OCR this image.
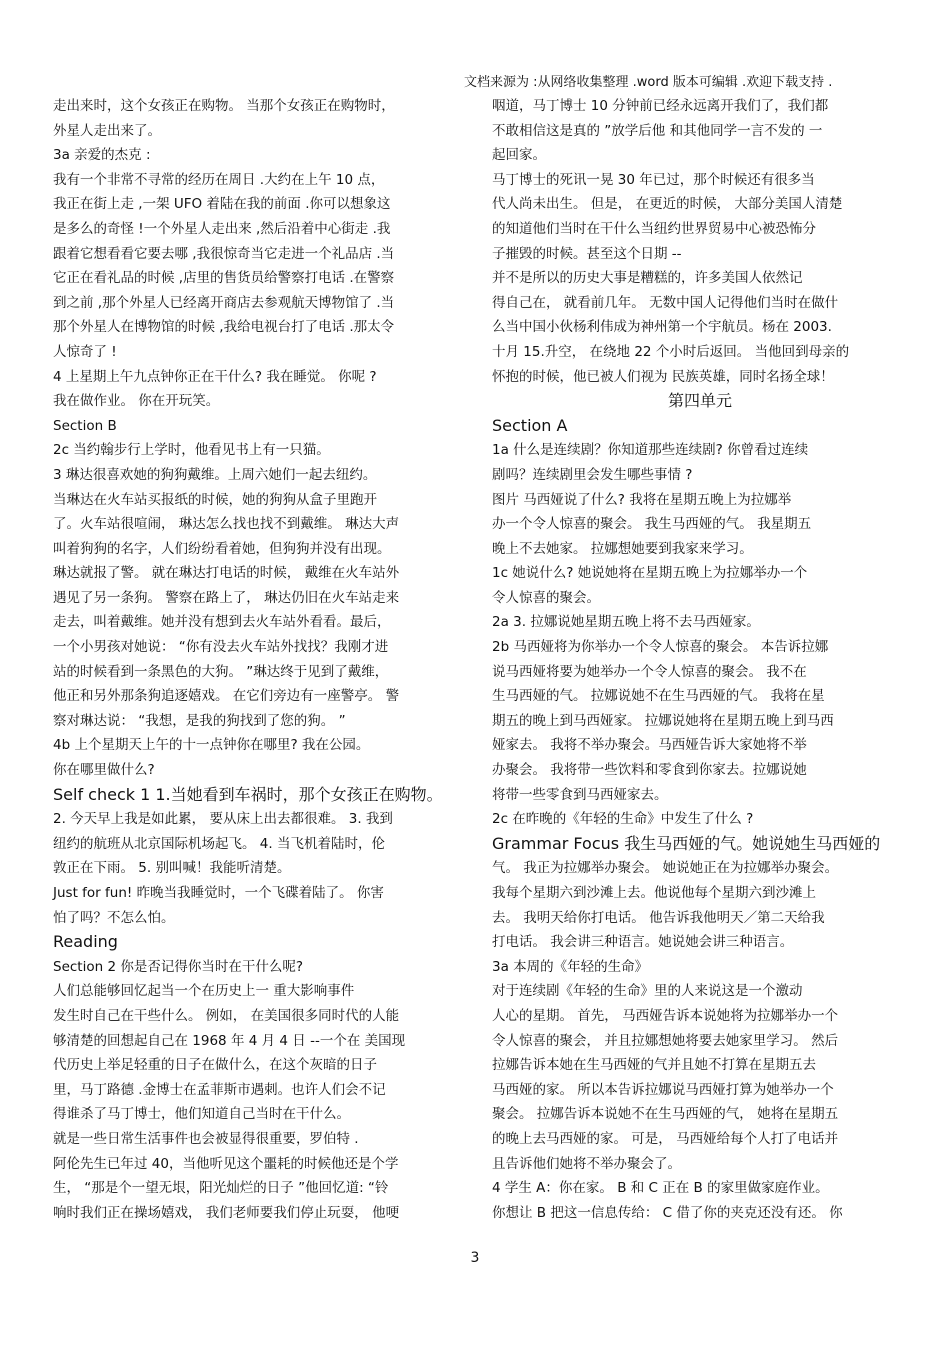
文档来源为 :从网络收集整理 .word 版本可编辑 .欢迎下载支持 .
走出来时，这个女孩正在购物。 当那个女孩正在购物时，
外星人走出来了。
3a 亲爱的杰克 :
我有一个非常不寻常的经历在周日 .大约在上午 10 点，
我正在街上走 ,一架 UFO 着陆在我的前面 .你可以想象这
是多么的奇怪 !一个外星人走出来 ,然后沿着中心街走 .我
跟着它想看看它要去哪 ,我很惊奇当它走进一个礼品店 .当
它正在看礼品的时候 ,店里的售货员给警察打电话 .在警察
到之前 ,那个外星人已经离开商店去参观航天博物馆了 .当
那个外星人在博物馆的时候 ,我给电视台打了电话 .那太令
人惊奇了 !
4 上星期上午九点钟你正在干什么? 我在睡觉。 你呢 ?
我在做作业。 你在开玩笑。
Section B
2c 当约翰步行上学时，他看见书上有一只猫。
3 琳达很喜欢她的狗狗戴维。上周六她们一起去纽约。
当琳达在火车站买报纸的时候，她的狗狗从盒子里跑开
了。火车站很喧闹， 琳达怎么找也找不到戴维。 琳达大声
叫着狗狗的名字，人们纷纷看着她，但狗狗并没有出现。
琳达就报了警。 就在琳达打电话的时候， 戴维在火车站外
遇见了另一条狗。 警察在路上了， 琳达仍旧在火车站走来
走去，叫着戴维。她并没有想到去火车站外看看。最后，
一个小男孩对她说： “你有没去火车站外找找？我刚才进
站的时候看到一条黑色的大狗。 ”琳达终于见到了戴维，
他正和另外那条狗追逐嬉戏。 在它们旁边有一座警亭。 警
察对琳达说： “我想，是我的狗找到了您的狗。 ”
4b 上个星期天上午的十一点钟你在哪里? 我在公园。
你在哪里做什么?
Self check 1 1.当她看到车祸时，那个女孩正在购物。
2. 今天早上我是如此累， 要从床上出去都很难。 3. 我到
纽约的航班从北京国际机场起飞。 4. 当飞机着陆时，伦
敦正在下雨。 5. 别叫喊！我能听清楚。
Just for fun! 昨晚当我睡觉时，一个飞碟着陆了。 你害
怕了吗？不怎么怕。
Reading
Section 2 你是否记得你当时在干什么呢?
人们总能够回忆起当一个在历史上一 重大影响事件
发生时自己在干些什么。 例如， 在美国很多同时代的人能
够清楚的回想起自己在 1968 年 4 月 4 日 --一个在 美国现
代历史上举足轻重的日子在做什么，在这个灰暗的日子
里，马丁路德 .金博士在孟菲斯市遇刺。也许人们会不记
得谁杀了马丁博士，他们知道自己当时在干什么。
就是一些日常生活事件也会被显得很重要，罗伯特 .
阿伦先生已年过 40，当他听见这个噩耗的时候他还是个学
生， “那是个一望无垠，阳光灿烂的日子 ”他回忆道: “铃
响时我们正在操场嬉戏， 我们老师要我们停止玩耍， 他哽
咽道，马丁博士 10 分钟前已经永远离开我们了，我们都
不敢相信这是真的 ”放学后他 和其他同学一言不发的 一
起回家。
马丁博士的死讯一晃 30 年已过，那个时候还有很多当
代人尚未出生。 但是， 在更近的时候， 大部分美国人清楚
的知道他们当时在干什么当纽约世界贸易中心被恐怖分
子摧毁的时候。甚至这个日期 --
并不是所以的历史大事是糟糕的，许多美国人依然记
得自己在， 就看前几年。 无数中国人记得他们当时在做什
么当中国小伙杨利伟成为神州第一个宇航员。杨在 2003.
十月 15.升空， 在绕地 22 个小时后返回。 当他回到母亲的
怀抱的时候，他已被人们视为 民族英雄，同时名扬全球！
第四单元
Section A
1a 什么是连续剧？你知道那些连续剧? 你曾看过连续
剧吗？连续剧里会发生哪些事情 ?
图片 马西娅说了什么? 我将在星期五晚上为拉娜举
办一个令人惊喜的聚会。 我生马西娅的气。 我星期五
晚上不去她家。 拉娜想她要到我家来学习。
1c 她说什么? 她说她将在星期五晚上为拉娜举办一个
令人惊喜的聚会。
2a 3. 拉娜说她星期五晚上将不去马西娅家。
2b 马西娅将为你举办一个令人惊喜的聚会。 本告诉拉娜
说马西娅将要为她举办一个令人惊喜的聚会。 我不在
生马西娅的气。 拉娜说她不在生马西娅的气。 我将在星
期五的晚上到马西娅家。 拉娜说她将在星期五晚上到马西
娅家去。 我将不举办聚会。马西娅告诉大家她将不举
办聚会。 我将带一些饮料和零食到你家去。拉娜说她
将带一些零食到马西娅家去。
2c 在昨晚的《年轻的生命》中发生了什么 ?
Grammar Focus 我生马西娅的气。她说她生马西娅的
气。 我正为拉娜举办聚会。 她说她正在为拉娜举办聚会。
我每个星期六到沙滩上去。他说他每个星期六到沙滩上
去。 我明天给你打电话。 他告诉我他明天／第二天给我
打电话。 我会讲三种语言。她说她会讲三种语言。
3a 本周的《年轻的生命》
对于连续剧《年轻的生命》里的人来说这是一个激动
人心的星期。 首先， 马西娅告诉本说她将为拉娜举办一个
令人惊喜的聚会， 并且拉娜想她将要去她家里学习。 然后
拉娜告诉本她在生马西娅的气并且她不打算在星期五去
马西娅的家。 所以本告诉拉娜说马西娅打算为她举办一个
聚会。 拉娜告诉本说她不在生马西娅的气， 她将在星期五
的晚上去马西娅的家。 可是， 马西娅给每个人打了电话并
且告诉他们她将不举办聚会了。
4 学生 A：你在家。 B 和 C 正在 B 的家里做家庭作业。
你想让 B 把这一信息传给： C 借了你的夹克还没有还。 你
3
